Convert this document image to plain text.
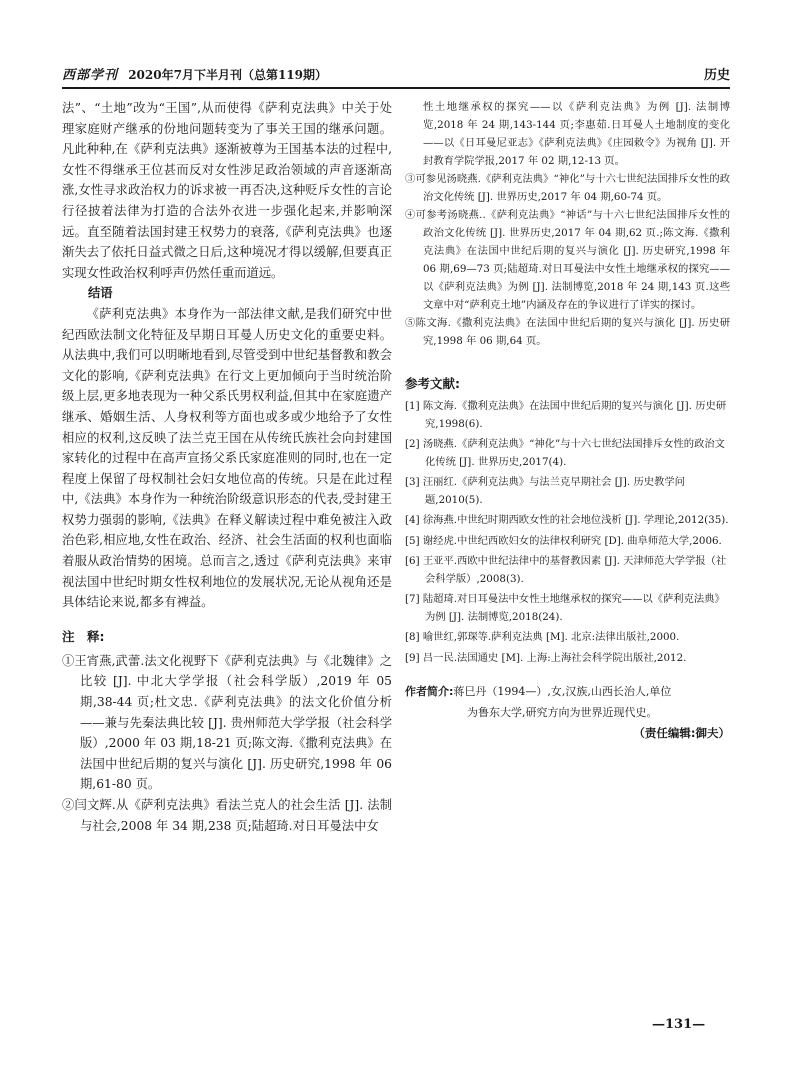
西部学刊 2020年7月下半月刊（总第119期）	历史

法”、“土地”改为“王国”,从而使得《萨利克法典》中关于处理家庭财产继承的份地问题转变为了事关王国的继承问题。凡此种种,在《萨利克法典》逐渐被尊为王国基本法的过程中,女性不得继承王位甚而反对女性涉足政治领域的声音逐渐高涨,女性寻求政治权力的诉求被一再否决,这种贬斥女性的言论行径披着法律为打造的合法外衣进一步强化起来,并影响深远。直至随着法国封建王权势力的衰落,《萨利克法典》也逐渐失去了依托日益式微之日后,这种境况才得以缓解,但要真正实现女性政治权利呼声仍然任重而道远。

结语

《萨利克法典》本身作为一部法律文献,是我们研究中世纪西欧法制文化特征及早期日耳曼人历史文化的重要史料。从法典中,我们可以明晰地看到,尽管受到中世纪基督教和教会文化的影响,《萨利克法典》在行文上更加倾向于当时统治阶级上层,更多地表现为一种父系氏男权利益,但其中在家庭遗产继承、婚姻生活、人身权利等方面也或多或少地给予了女性相应的权利,这反映了法兰克王国在从传统氏族社会向封建国家转化的过程中在高声宣扬父系氏家庭准则的同时,也在一定程度上保留了母权制社会妇女地位高的传统。只是在此过程中,《法典》本身作为一种统治阶级意识形态的代表,受封建王权势力强弱的影响,《法典》在释义解读过程中难免被注入政治色彩,相应地,女性在政治、经济、社会生活面的权利也面临着服从政治情势的困境。总而言之,透过《萨利克法典》来审视法国中世纪时期女性权利地位的发展状况,无论从视角还是具体结论来说,都多有裨益。

注　释:

①王宵燕,武蕾.法文化视野下《萨利克法典》与《北魏律》之比较 [J]. 中北大学学报（社会科学版）,2019 年 05 期,38-44 页;杜文忠.《萨利克法典》的法文化价值分析——兼与先秦法典比较 [J]. 贵州师范大学学报（社会科学版）,2000 年 03 期,18-21 页;陈文海.《撒利克法典》在法国中世纪后期的复兴与演化 [J]. 历史研究,1998 年 06 期,61-80 页。

②闫文辉.从《萨利克法典》看法兰克人的社会生活 [J]. 法制与社会,2008 年 34 期,238 页;陆超琦.对日耳曼法中女

性土地继承权的探究——以《萨利克法典》为例 [J]. 法制博览,2018 年 24 期,143-144 页;李惠茹.日耳曼人土地制度的变化——以《日耳曼尼亚志》《萨利克法典》《庄园敕令》为视角 [J]. 开封教育学院学报,2017 年 02 期,12-13 页。

③可参见汤晓燕.《萨利克法典》“神化”与十六七世纪法国排斥女性的政治文化传统 [J]. 世界历史,2017 年 04 期,60-74 页。

④可参考汤晓燕..《萨利克法典》“神话”与十六七世纪法国排斥女性的政治文化传统 [J]. 世界历史,2017 年 04 期,62 页.;陈文海.《撒利克法典》在法国中世纪后期的复兴与演化 [J]. 历史研究,1998 年 06 期,69—73 页;陆超琦.对日耳曼法中女性土地继承权的探究——以《萨利克法典》为例 [J]. 法制博览,2018 年 24 期,143 页.这些文章中对“萨利克土地”内涵及存在的争议进行了详实的探讨。

⑤陈文海.《撒利克法典》在法国中世纪后期的复兴与演化 [J]. 历史研究,1998 年 06 期,64 页。

参考文献:

[1] 陈文海.《撒利克法典》在法国中世纪后期的复兴与演化 [J]. 历史研究,1998(6).

[2] 汤晓燕.《萨利克法典》“神化”与十六七世纪法国排斥女性的政治文化传统 [J]. 世界历史,2017(4).

[3] 汪丽红.《萨利克法典》与法兰克早期社会 [J]. 历史教学问题,2010(5).

[4] 徐海燕.中世纪时期西欧女性的社会地位浅析 [J]. 学理论,2012(35).

[5] 谢经虎.中世纪西欧妇女的法律权利研究 [D]. 曲阜师范大学,2006.

[6] 王亚平.西欧中世纪法律中的基督教因素 [J]. 天津师范大学学报（社会科学版）,2008(3).

[7] 陆超琦.对日耳曼法中女性土地继承权的探究——以《萨利克法典》为例 [J]. 法制博览,2018(24).

[8] 喻世红,郭琛等.萨利克法典 [M]. 北京:法律出版社,2000.

[9] 吕一民.法国通史 [M]. 上海:上海社会科学院出版社,2012.

作者简介:蒋巳丹（1994—）,女,汉族,山西长治人,单位
为鲁东大学,研究方向为世界近现代史。
（责任编辑:御夫）
—131—
